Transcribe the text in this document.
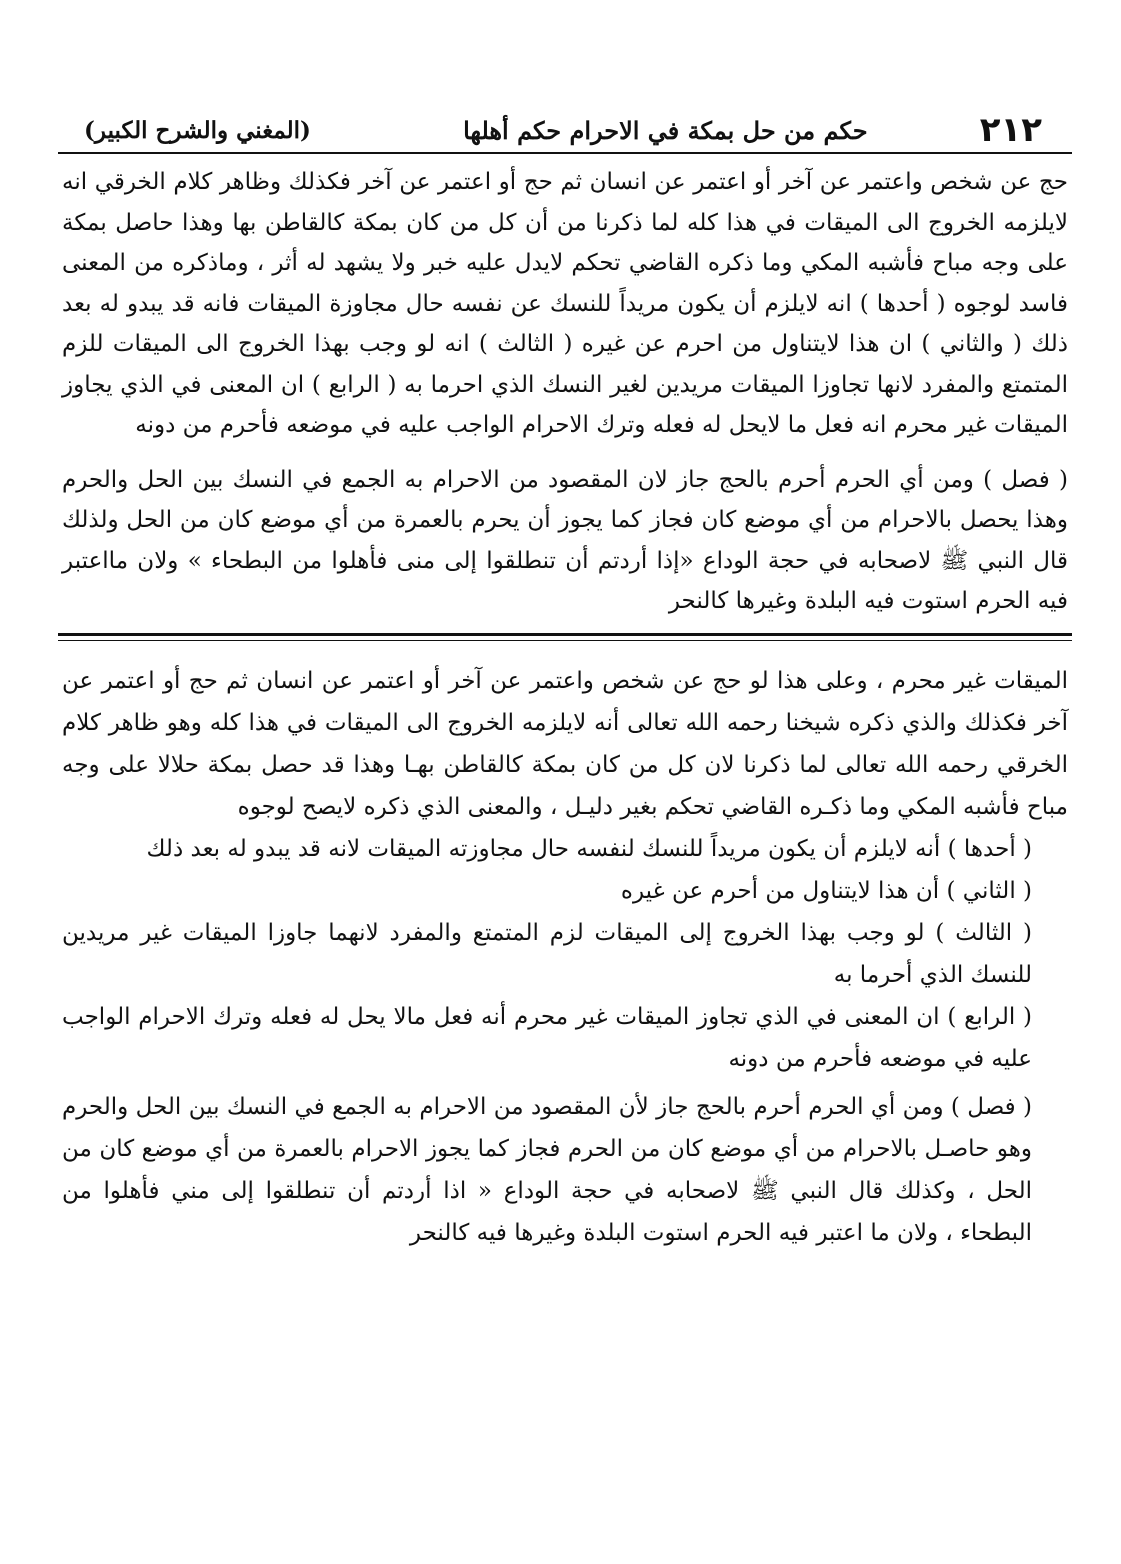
٢١٢
حكم من حل بمكة في الاحرام حكم أهلها
(المغني والشرح الكبير)

حج عن شخص واعتمر عن آخر أو اعتمر عن انسان ثم حج أو اعتمر عن آخر فكذلك وظاهر كلام الخرقي انه لايلزمه الخروج الى الميقات في هذا كله لما ذكرنا من أن كل من كان بمكة كالقاطن بها وهذا حاصل بمكة على وجه مباح فأشبه المكي وما ذكره القاضي تحكم لايدل عليه خبر ولا يشهد له أثر ، وماذكره من المعنى فاسد لوجوه ( أحدها ) انه لايلزم أن يكون مريداً للنسك عن نفسه حال مجاوزة الميقات فانه قد يبدو له بعد ذلك ( والثاني ) ان هذا لايتناول من احرم عن غيره ( الثالث ) انه لو وجب بهذا الخروج الى الميقات للزم المتمتع والمفرد لانها تجاوزا الميقات مريدين لغير النسك الذي احرما به ( الرابع ) ان المعنى في الذي يجاوز الميقات غير محرم انه فعل ما لايحل له فعله وترك الاحرام الواجب عليه في موضعه فأحرم من دونه

( فصل ) ومن أي الحرم أحرم بالحج جاز لان المقصود من الاحرام به الجمع في النسك بين الحل والحرم وهذا يحصل بالاحرام من أي موضع كان فجاز كما يجوز أن يحرم بالعمرة من أي موضع كان من الحل ولذلك قال النبي ﷺ لاصحابه في حجة الوداع «إذا أردتم أن تنطلقوا إلى منى فأهلوا من البطحاء » ولان مااعتبر فيه الحرم استوت فيه البلدة وغيرها كالنحر

الميقات غير محرم ، وعلى هذا لو حج عن شخص واعتمر عن آخر أو اعتمر عن انسان ثم حج أو اعتمر عن آخر فكذلك والذي ذكره شيخنا رحمه الله تعالى أنه لايلزمه الخروج الى الميقات في هذا كله وهو ظاهر كلام الخرقي رحمه الله تعالى لما ذكرنا لان كل من كان بمكة كالقاطن بهـا وهذا قد حصل بمكة حلالا على وجه مباح فأشبه المكي وما ذكـره القاضي تحكم بغير دليـل ، والمعنى الذي ذكره لايصح لوجوه

( أحدها ) أنه لايلزم أن يكون مريداً للنسك لنفسه حال مجاوزته الميقات لانه قد يبدو له بعد ذلك

( الثاني ) أن هذا لايتناول من أحرم عن غيره

( الثالث ) لو وجب بهذا الخروج إلى الميقات لزم المتمتع والمفرد لانهما جاوزا الميقات غير مريدين للنسك الذي أحرما به

( الرابع ) ان المعنى في الذي تجاوز الميقات غير محرم أنه فعل مالا يحل له فعله وترك الاحرام الواجب عليه في موضعه فأحرم من دونه

( فصل ) ومن أي الحرم أحرم بالحج جاز لأن المقصود من الاحرام به الجمع في النسك بين الحل والحرم وهو حاصـل بالاحرام من أي موضع كان من الحرم فجاز كما يجوز الاحرام بالعمرة من أي موضع كان من الحل ، وكذلك قال النبي ﷺ لاصحابه في حجة الوداع « اذا أردتم أن تنطلقوا إلى مني فأهلوا من البطحاء ، ولان ما اعتبر فيه الحرم استوت البلدة وغيرها فيه كالنحر
